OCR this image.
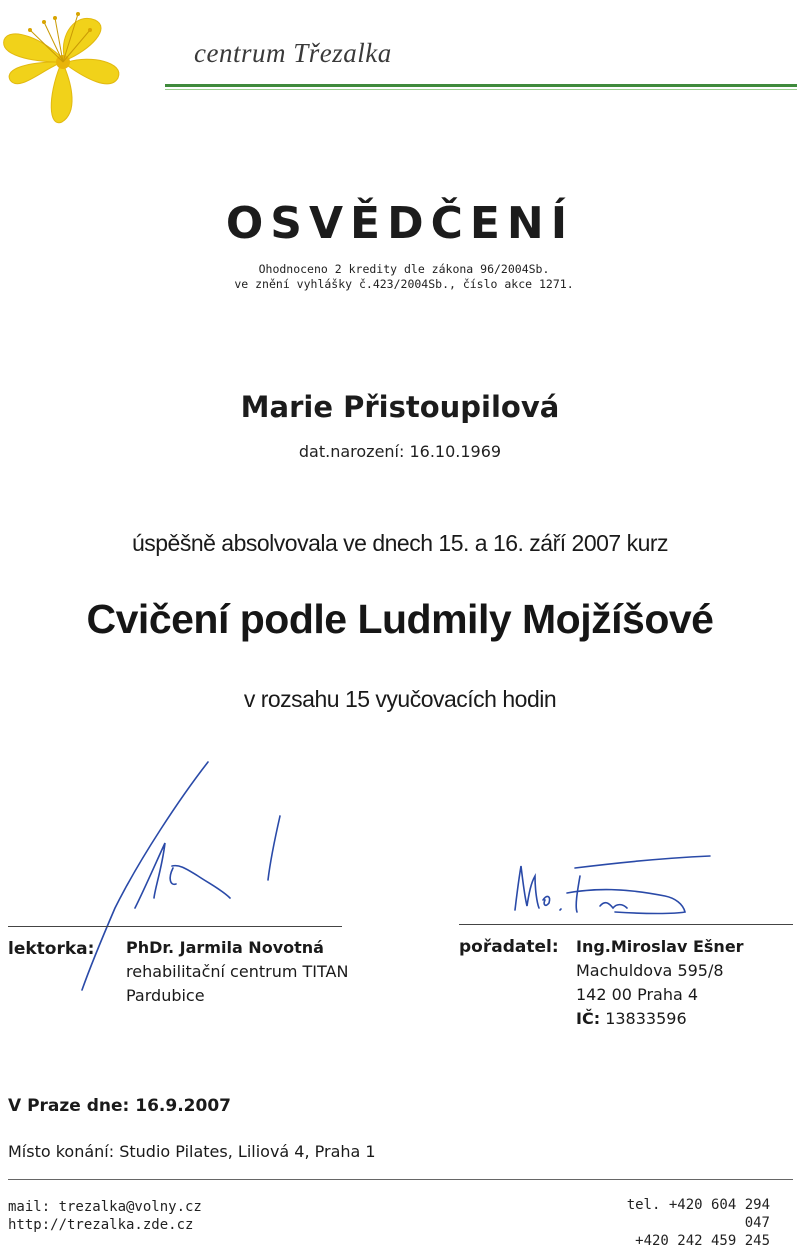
centrum Třezalka
OSVĚDČENÍ
Ohodnoceno 2 kredity dle zákona 96/2004Sb.
ve znění vyhlášky č.423/2004Sb., číslo akce 1271.
Marie Přistoupilová
dat.narození: 16.10.1969
úspěšně absolvovala ve dnech 15. a 16. září 2007 kurz
Cvičení podle Ludmily Mojžíšové
v rozsahu 15 vyučovacích hodin
lektorka: PhDr. Jarmila Novotná
rehabilitační centrum TITAN
Pardubice
pořadatel: Ing.Miroslav Ešner
Machuldova 595/8
142 00 Praha 4
IČ: 13833596
V Praze dne: 16.9.2007
Místo konání: Studio Pilates, Liliová 4, Praha 1
mail: trezalka@volny.cz
http://trezalka.zde.cz
tel. +420 604 294 047
+420 242 459 245
